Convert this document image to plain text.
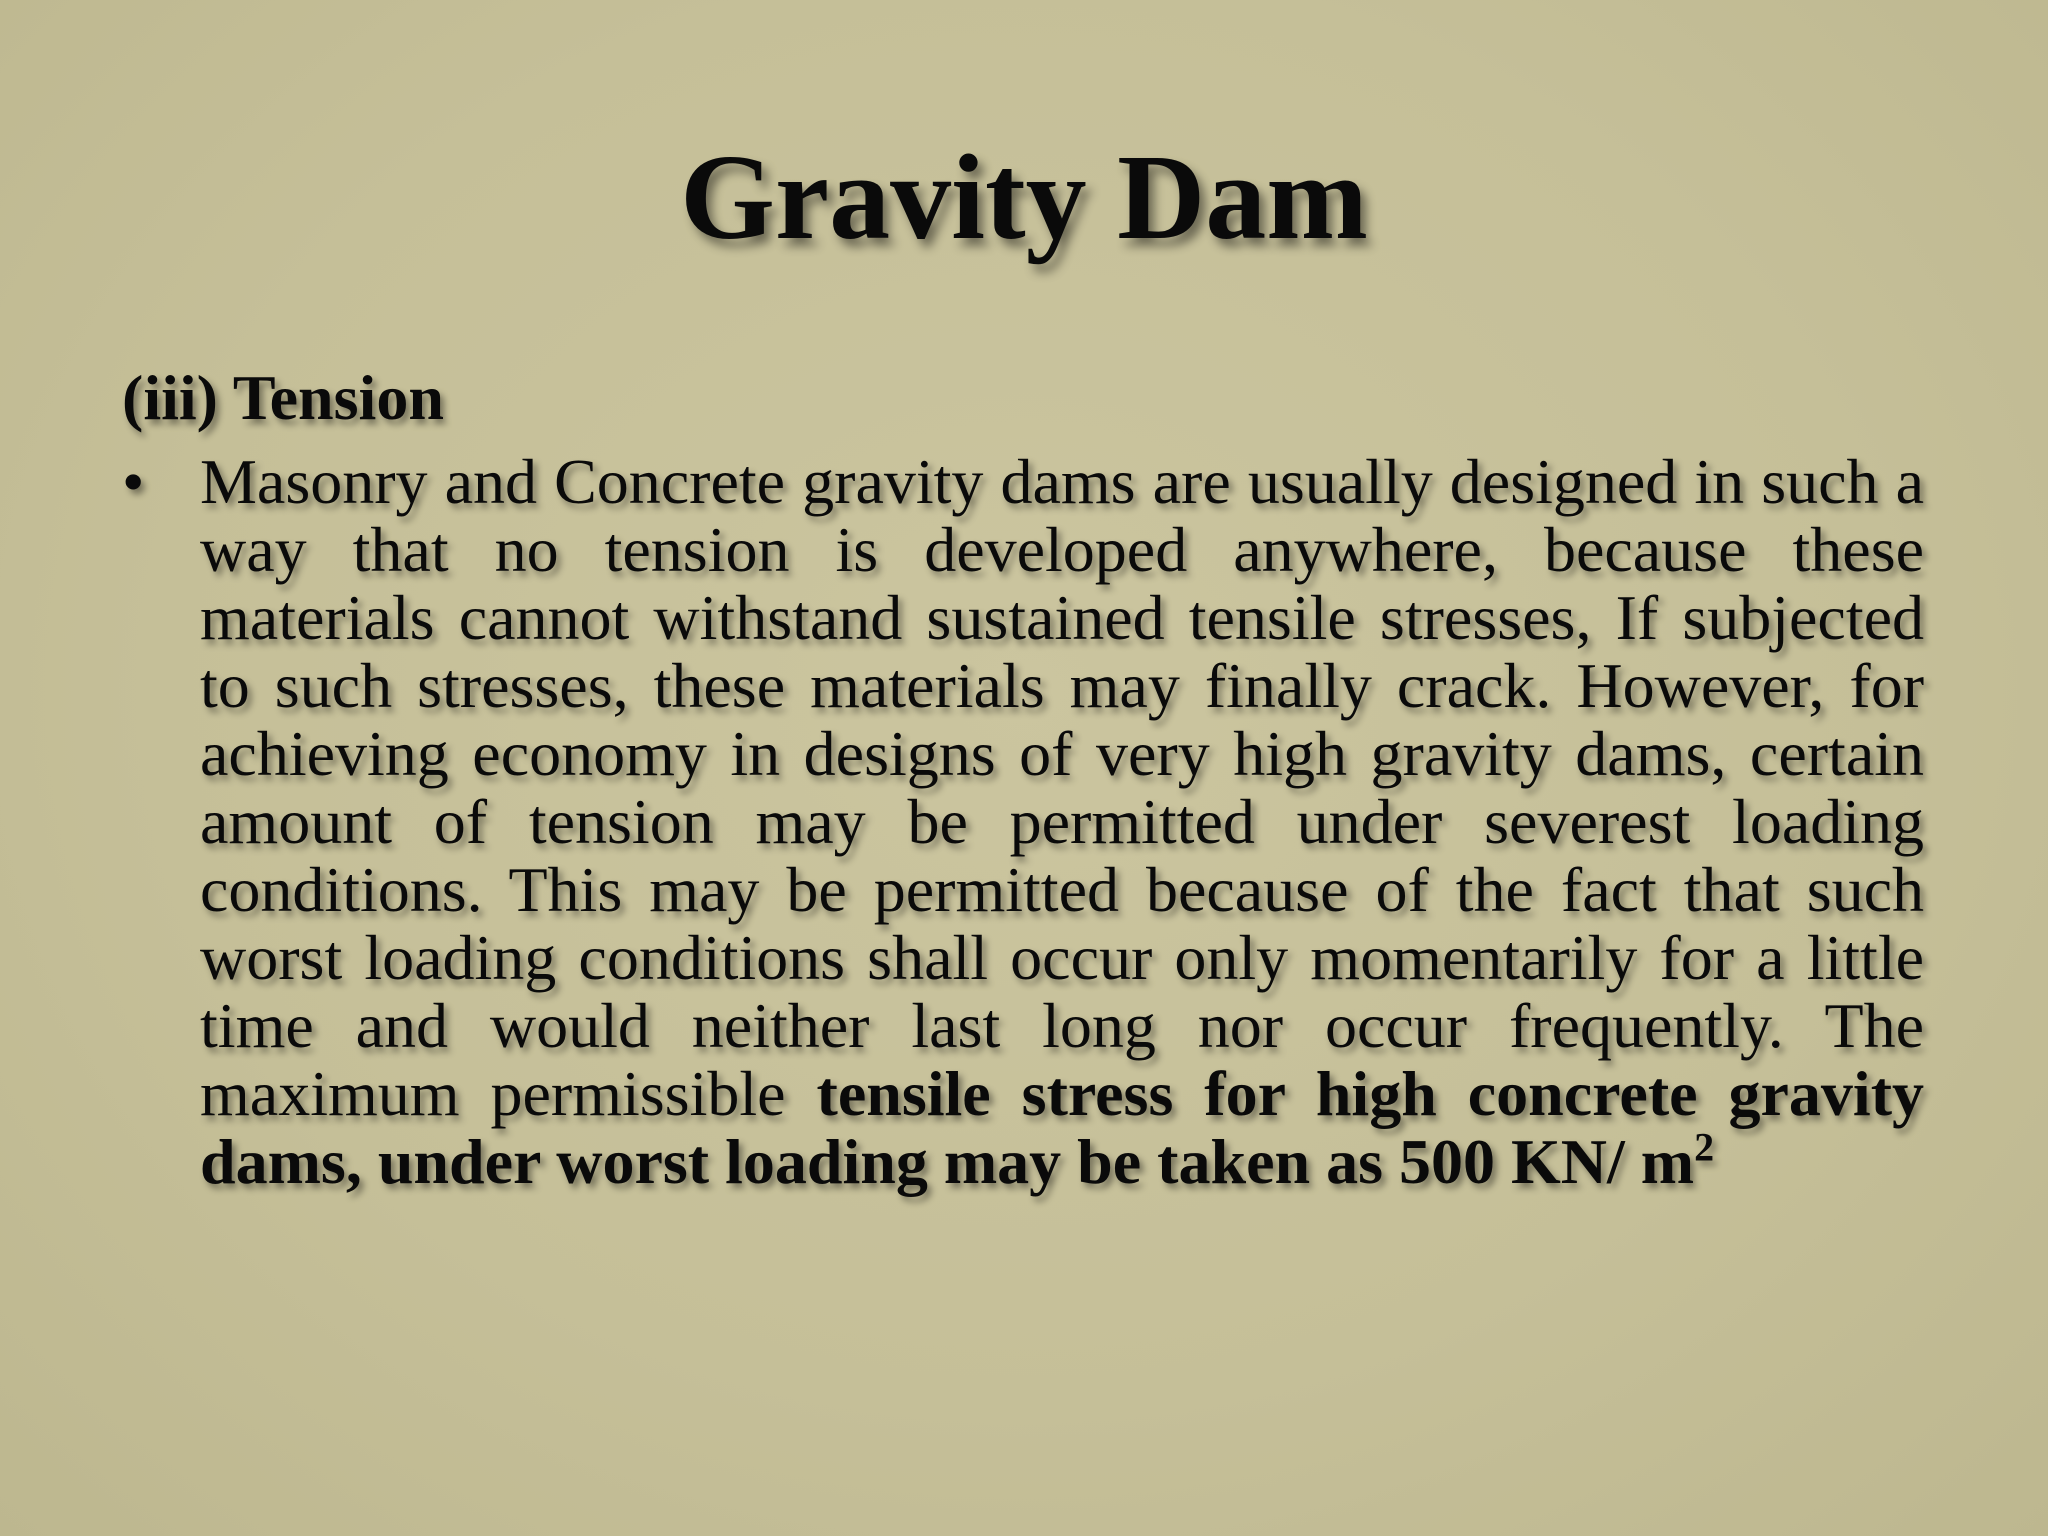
Gravity Dam
(iii) Tension
• Masonry and Concrete gravity dams are usually designed in such a way that no tension is developed anywhere, because these materials cannot withstand sustained tensile stresses, If subjected to such stresses, these materials may finally crack. However, for achieving economy in designs of very high gravity dams, certain amount of tension may be permitted under severest loading conditions. This may be permitted because of the fact that such worst loading conditions shall occur only momentarily for a little time and would neither last long nor occur frequently. The maximum permissible tensile stress for high concrete gravity dams, under worst loading may be taken as 500 KN/ $m^2$
